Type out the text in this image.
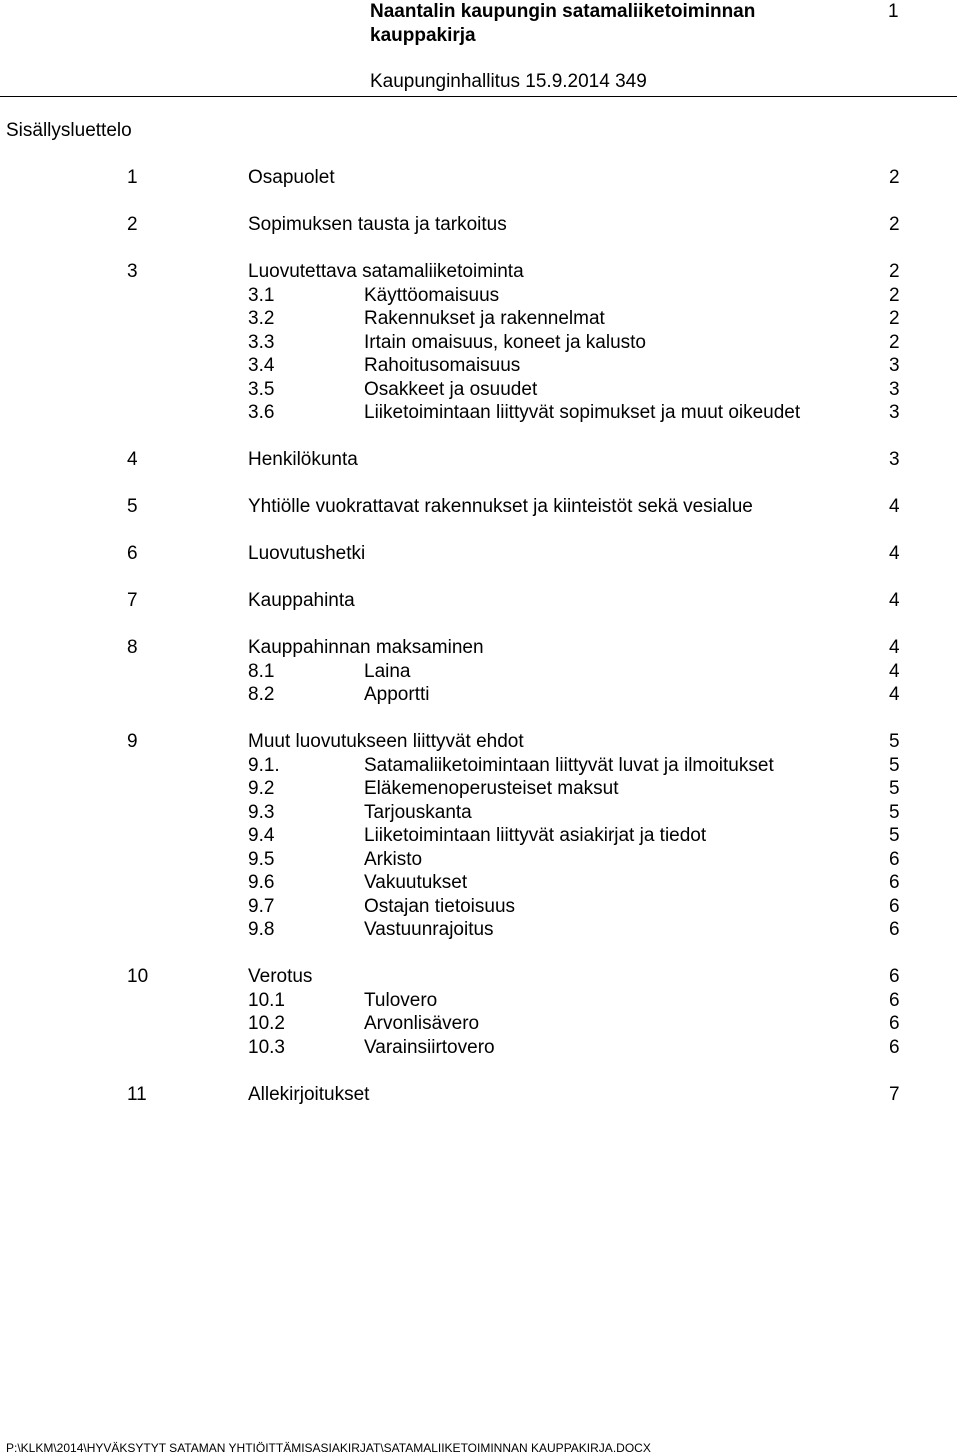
Naantalin kaupungin satamaliiketoiminnan kauppakirja
1
Kaupunginhallitus 15.9.2014 349
Sisällysluettelo
1	Osapuolet	2
2	Sopimuksen tausta ja tarkoitus	2
3	Luovutettava satamaliiketoiminta	2
3.1	Käyttöomaisuus	2
3.2	Rakennukset ja rakennelmat	2
3.3	Irtain omaisuus, koneet ja kalusto	2
3.4	Rahoitusomaisuus	3
3.5	Osakkeet ja osuudet	3
3.6	Liiketoimintaan liittyvät sopimukset ja muut oikeudet	3
4	Henkilökunta	3
5	Yhtiölle vuokrattavat rakennukset ja kiinteistöt sekä vesialue	4
6	Luovutushetki	4
7	Kauppahinta	4
8	Kauppahinnan maksaminen	4
8.1	Laina	4
8.2	Apportti	4
9	Muut luovutukseen liittyvät ehdot	5
9.1.	Satamaliiketoimintaan liittyvät luvat ja ilmoitukset	5
9.2	Eläkemenoperusteiset maksut	5
9.3	Tarjouskanta	5
9.4	Liiketoimintaan liittyvät asiakirjat ja tiedot	5
9.5	Arkisto	6
9.6	Vakuutukset	6
9.7	Ostajan tietoisuus	6
9.8	Vastuunrajoitus	6
10	Verotus	6
10.1	Tulovero	6
10.2	Arvonlisävero	6
10.3	Varainsiirtovero	6
11	Allekirjoitukset	7
P:\KLKM\2014\HYVÄKSYTYT SATAMAN YHTIÖITTÄMISASIAKIRJAT\SATAMALIIKETOIMINNAN KAUPPAKIRJA.DOCX
